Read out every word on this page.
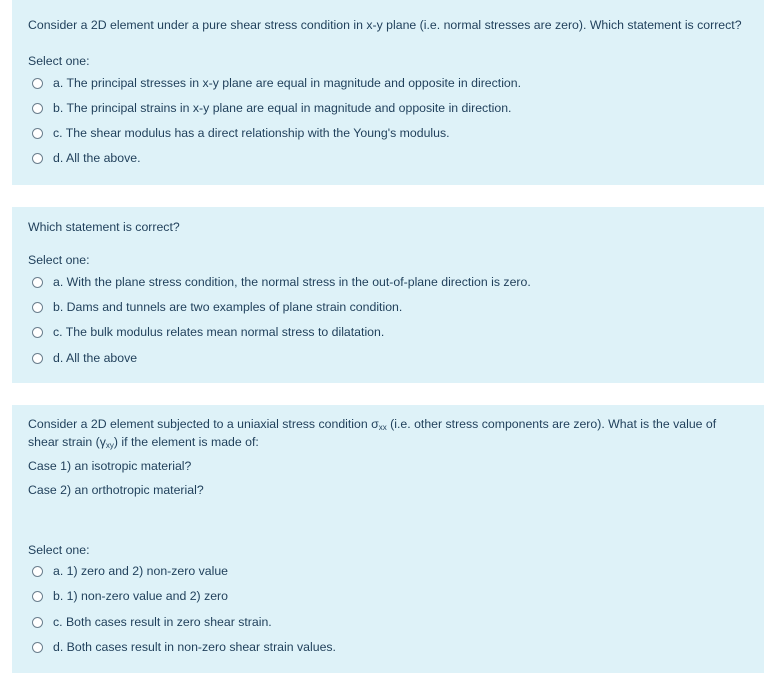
Consider a 2D element under a pure shear stress condition in x-y plane (i.e. normal stresses are zero). Which statement is correct?
Select one:
a. The principal stresses in x-y plane are equal in magnitude and opposite in direction.
b. The principal strains in x-y plane are equal in magnitude and opposite in direction.
c. The shear modulus has a direct relationship with the Young's modulus.
d. All the above.
Which statement is correct?
Select one:
a. With the plane stress condition, the normal stress in the out-of-plane direction is zero.
b. Dams and tunnels are two examples of plane strain condition.
c. The bulk modulus relates mean normal stress to dilatation.
d. All the above
Consider a 2D element subjected to a uniaxial stress condition $\sigma_{xx}$ (i.e. other stress components are zero). What is the value of shear strain $(\gamma_{xy})$ if the element is made of:
Case 1) an isotropic material?
Case 2) an orthotropic material?
Select one:
a. 1) zero and 2) non-zero value
b. 1) non-zero value and 2) zero
c. Both cases result in zero shear strain.
d. Both cases result in non-zero shear strain values.
